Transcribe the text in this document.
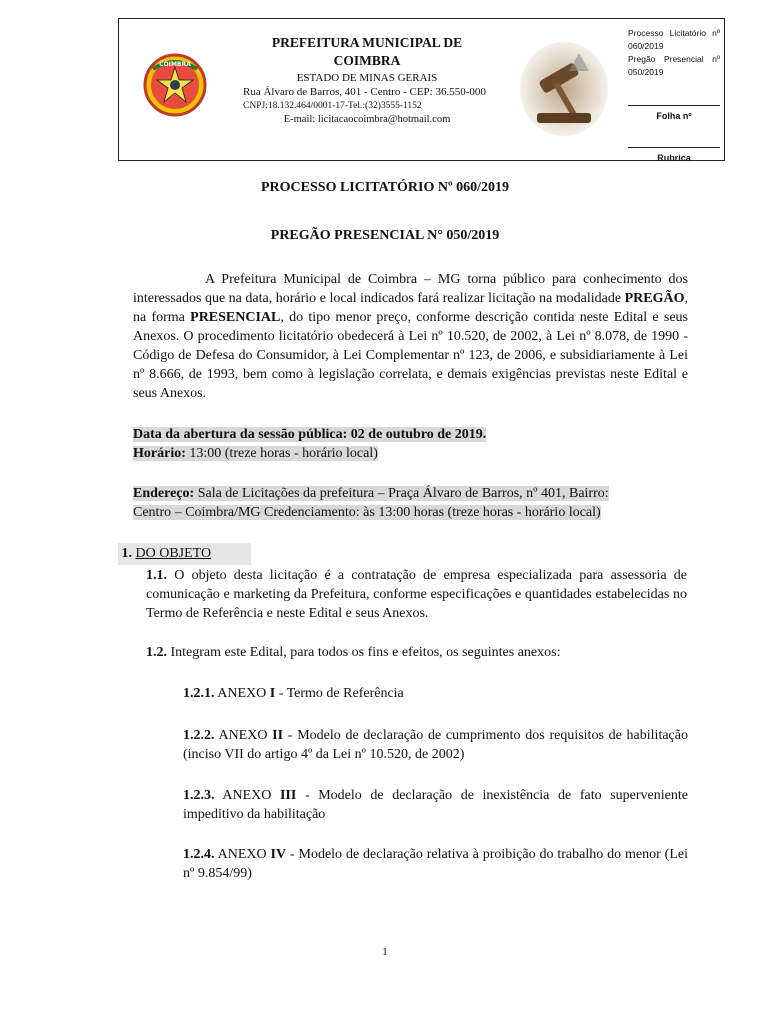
COIMBRA
PREFEITURA MUNICIPAL DE COIMBRA
ESTADO DE MINAS GERAIS
Rua Álvaro de Barros, 401 - Centro - CEP: 36.550-000
CNPJ:18.132.464/0001-17-Tel.:(32)3555-1152
E-mail: licitacaocoimbra@hotmail.com
Processo Licitatório nº 060/2019
Pregão Presencial nº 050/2019
Folha nº
Rubrica
PROCESSO LICITATÓRIO Nº 060/2019
PREGÃO PRESENCIAL N° 050/2019
A Prefeitura Municipal de Coimbra – MG torna público para conhecimento dos interessados que na data, horário e local indicados fará realizar licitação na modalidade PREGÃO, na forma PRESENCIAL, do tipo menor preço, conforme descrição contida neste Edital e seus Anexos. O procedimento licitatório obedecerá à Lei nº 10.520, de 2002, à Lei nº 8.078, de 1990 - Código de Defesa do Consumidor, à Lei Complementar nº 123, de 2006, e subsidiariamente à Lei nº 8.666, de 1993, bem como à legislação correlata, e demais exigências previstas neste Edital e seus Anexos.
Data da abertura da sessão pública: 02 de outubro de 2019.
Horário: 13:00 (treze horas - horário local)
Endereço: Sala de Licitações da prefeitura – Praça Álvaro de Barros, nº 401, Bairro: Centro – Coimbra/MG Credenciamento: às 13:00 horas (treze horas - horário local)
1. DO OBJETO
1.1. O objeto desta licitação é a contratação de empresa especializada para assessoria de comunicação e marketing da Prefeitura, conforme especificações e quantidades estabelecidas no Termo de Referência e neste Edital e seus Anexos.
1.2. Integram este Edital, para todos os fins e efeitos, os seguintes anexos:
1.2.1. ANEXO I - Termo de Referência
1.2.2. ANEXO II - Modelo de declaração de cumprimento dos requisitos de habilitação (inciso VII do artigo 4º da Lei nº 10.520, de 2002)
1.2.3. ANEXO III - Modelo de declaração de inexistência de fato superveniente impeditivo da habilitação
1.2.4. ANEXO IV - Modelo de declaração relativa à proibição do trabalho do menor (Lei nº 9.854/99)
1
